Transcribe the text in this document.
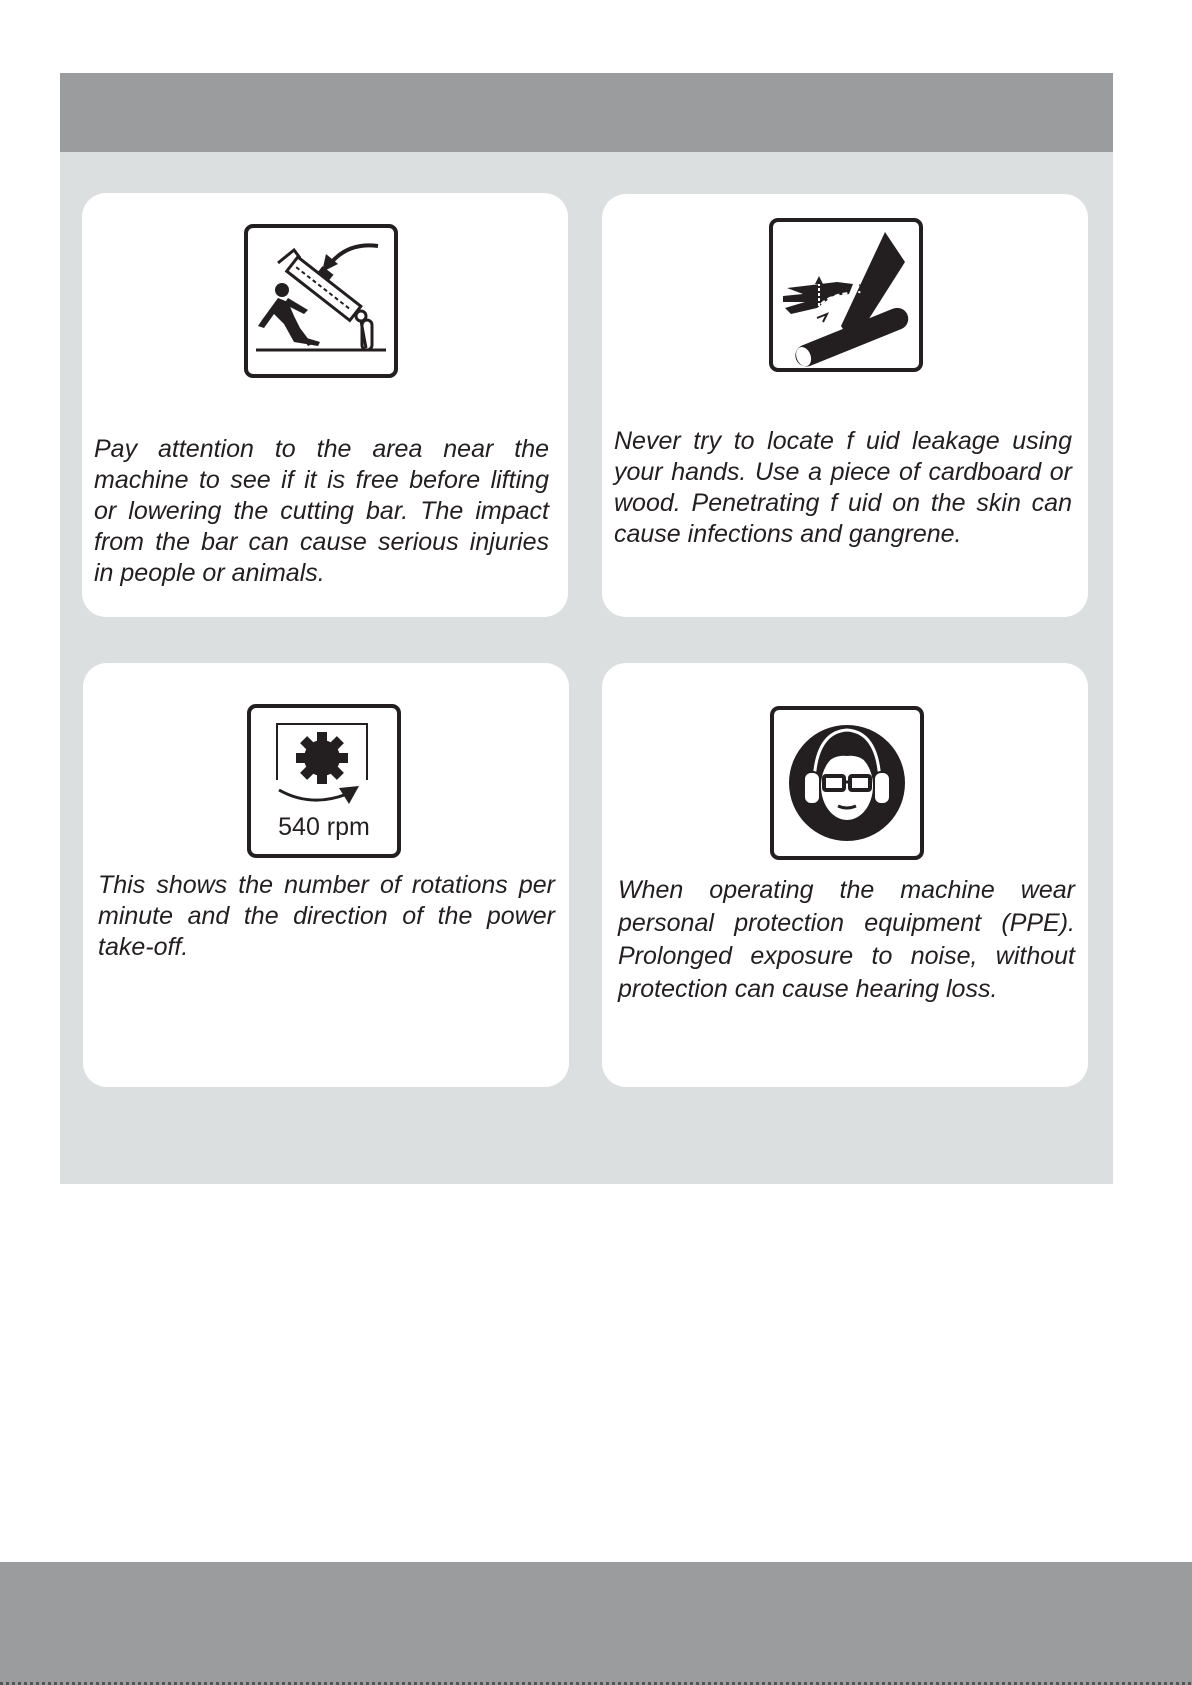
Pay attention to the area near the machine to see if it is free before lifting or lowering the cutting bar. The impact from the bar can cause serious injuries in people or animals.

Never try to locate f uid leakage using your hands. Use a piece of cardboard or wood. Penetrating f uid on the skin can cause infections and gangrene.

540 rpm

This shows the number of rotations per minute and the direction of the power take-off.

When operating the machine wear personal protection equipment (PPE). Prolonged exposure to noise, without protection can cause hearing loss.
